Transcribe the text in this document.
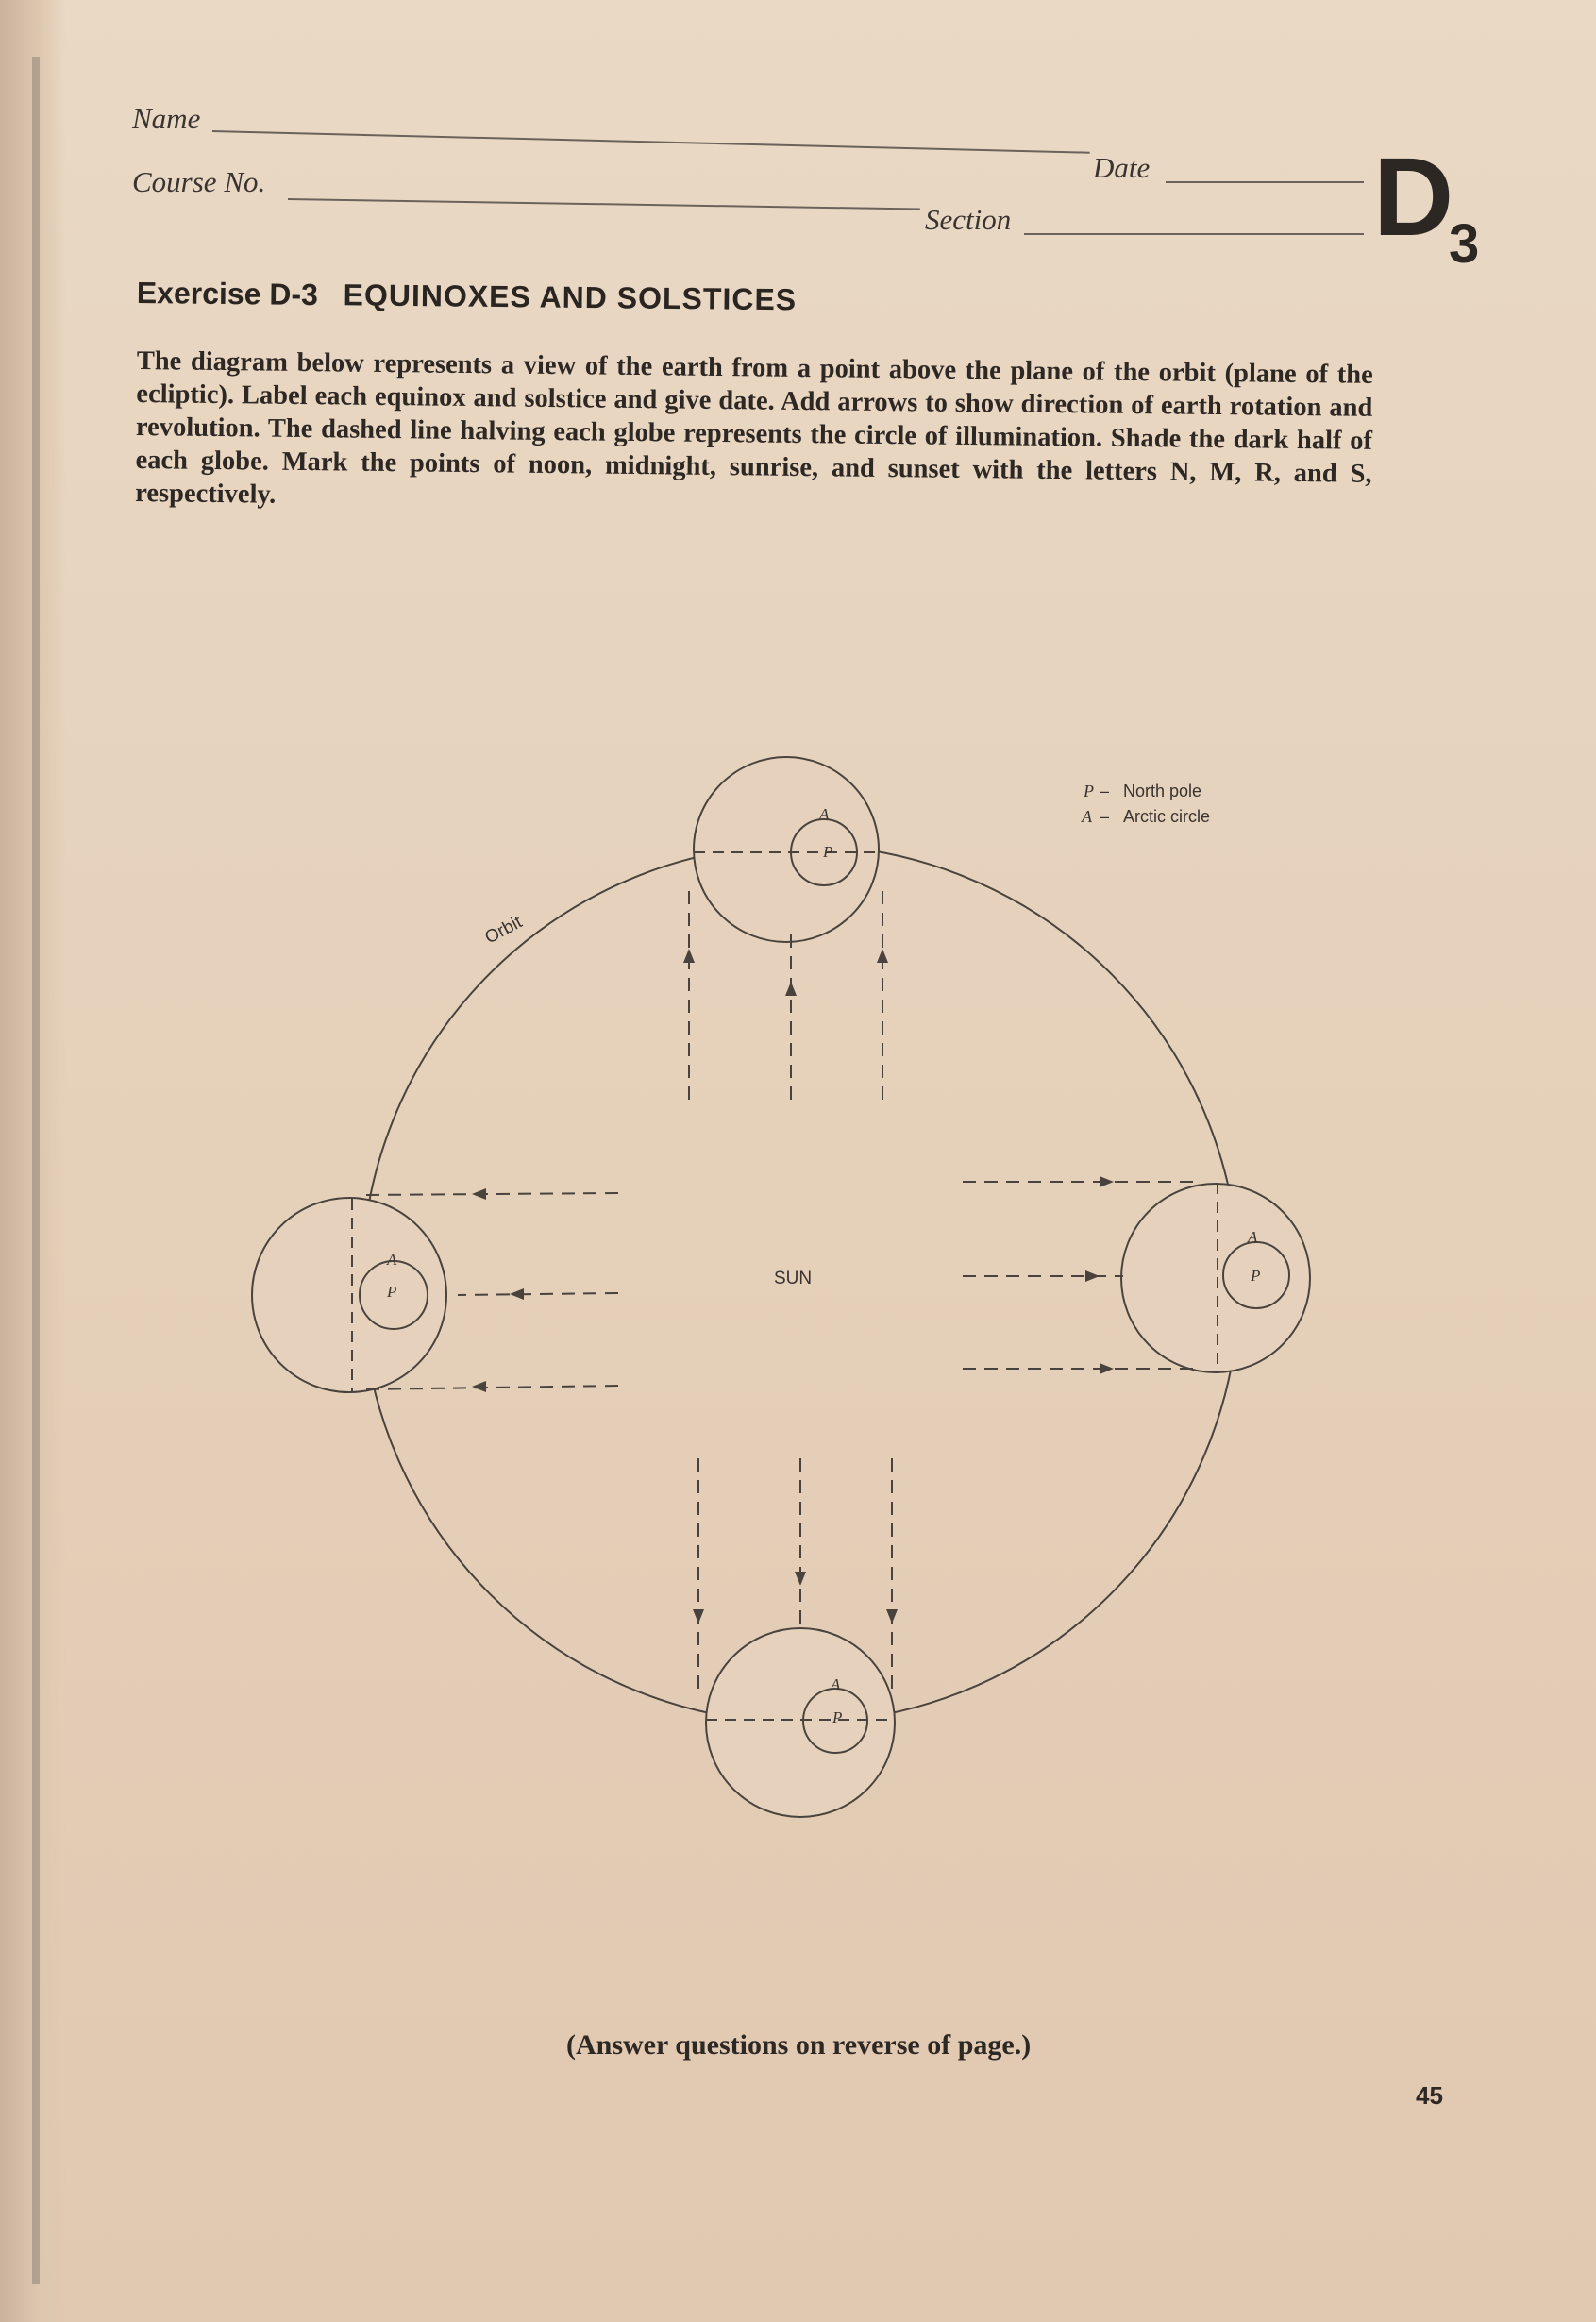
Name
Course No.	Date
Section	D
3
Exercise D-3 EQUINOXES AND SOLSTICES
The diagram below represents a view of the earth from a point above the plane of the orbit (plane of the ecliptic). Label each equinox and solstice and give date. Add arrows to show direction of earth rotation and revolution. The dashed line halving each globe represents the circle of illumination. Shade the dark half of each globe. Mark the points of noon, midnight, sunrise, and sunset with the letters N, M, R, and S, respectively.
A
P
A
P
A
P
A
P
Orbit
SUN
P – North pole
A – Arctic circle
(Answer questions on reverse of page.)
45
